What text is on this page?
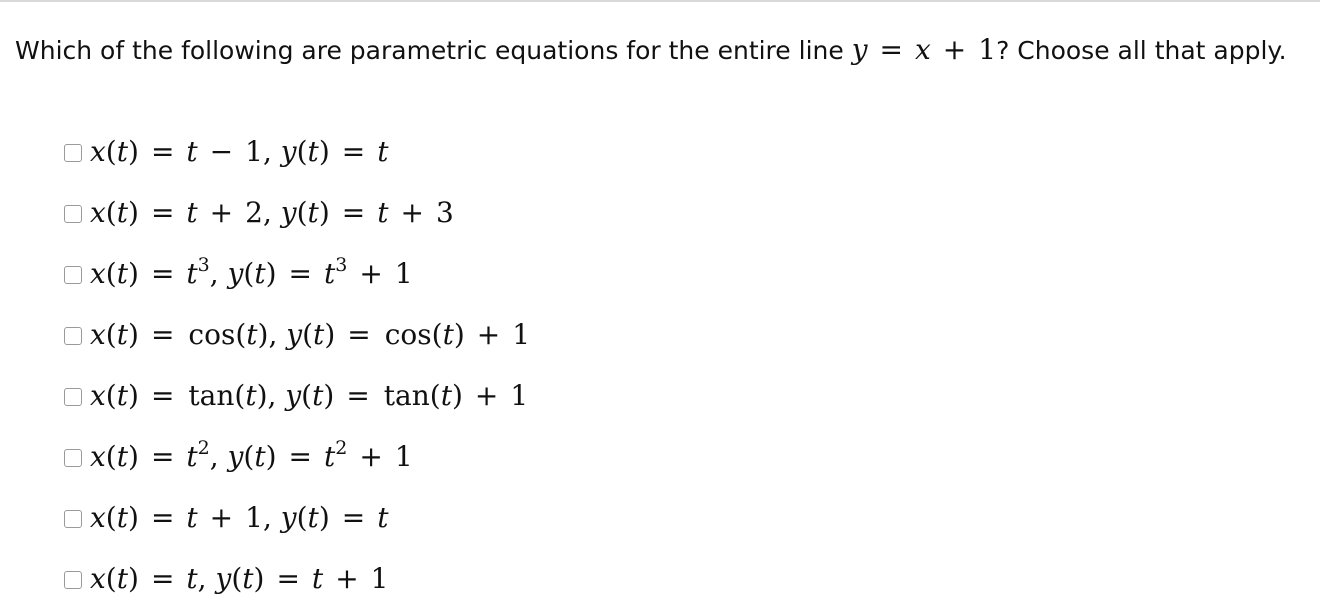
Which of the following are parametric equations for the entire line y = x + 1? Choose all that apply.
x(t) = t − 1, y(t) = t
x(t) = t + 2, y(t) = t + 3
$x(t) = t^3$, $y(t) = t^3 + 1$
x(t) = cos(t), y(t) = cos(t) + 1
x(t) = tan(t), y(t) = tan(t) + 1
$x(t) = t^2$, $y(t) = t^2 + 1$
x(t) = t + 1, y(t) = t
x(t) = t, y(t) = t + 1
